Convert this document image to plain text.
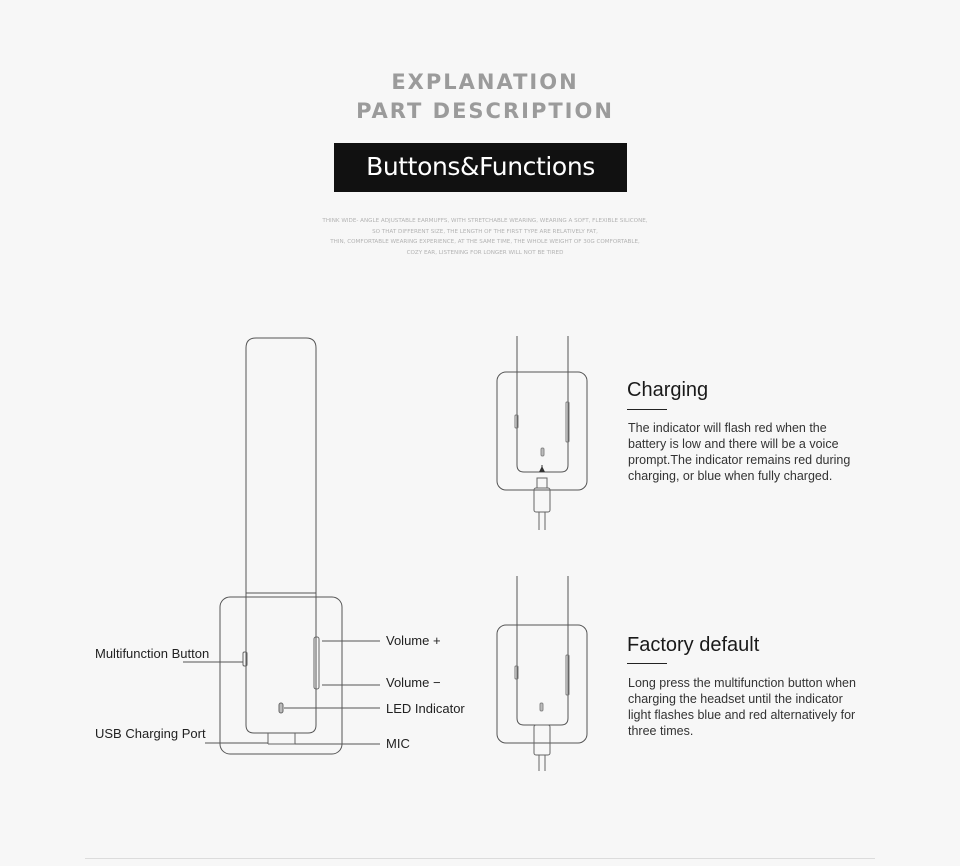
EXPLANATION
PART DESCRIPTION
Buttons&Functions
THINK WIDE- ANGLE ADJUSTABLE EARMUFFS, WITH STRETCHABLE WEARING, WEARING A SOFT, FLEXIBLE SILICONE,
SO THAT DIFFERENT SIZE, THE LENGTH OF THE FIRST TYPE ARE RELATIVELY FAT,
THIN, COMFORTABLE WEARING EXPERIENCE, AT THE SAME TIME, THE WHOLE WEIGHT OF 30G COMFORTABLE,
COZY EAR, LISTENING FOR LONGER WILL NOT BE TIRED
Multifunction Button
USB Charging Port
Volume +
Volume −
LED Indicator
MIC
Charging
The indicator will flash red when the battery is low and there will be a voice prompt.The indicator remains red during charging, or blue when fully charged.
Factory default
Long press the multifunction button when charging the headset until the indicator light flashes blue and red alternatively for three times.
